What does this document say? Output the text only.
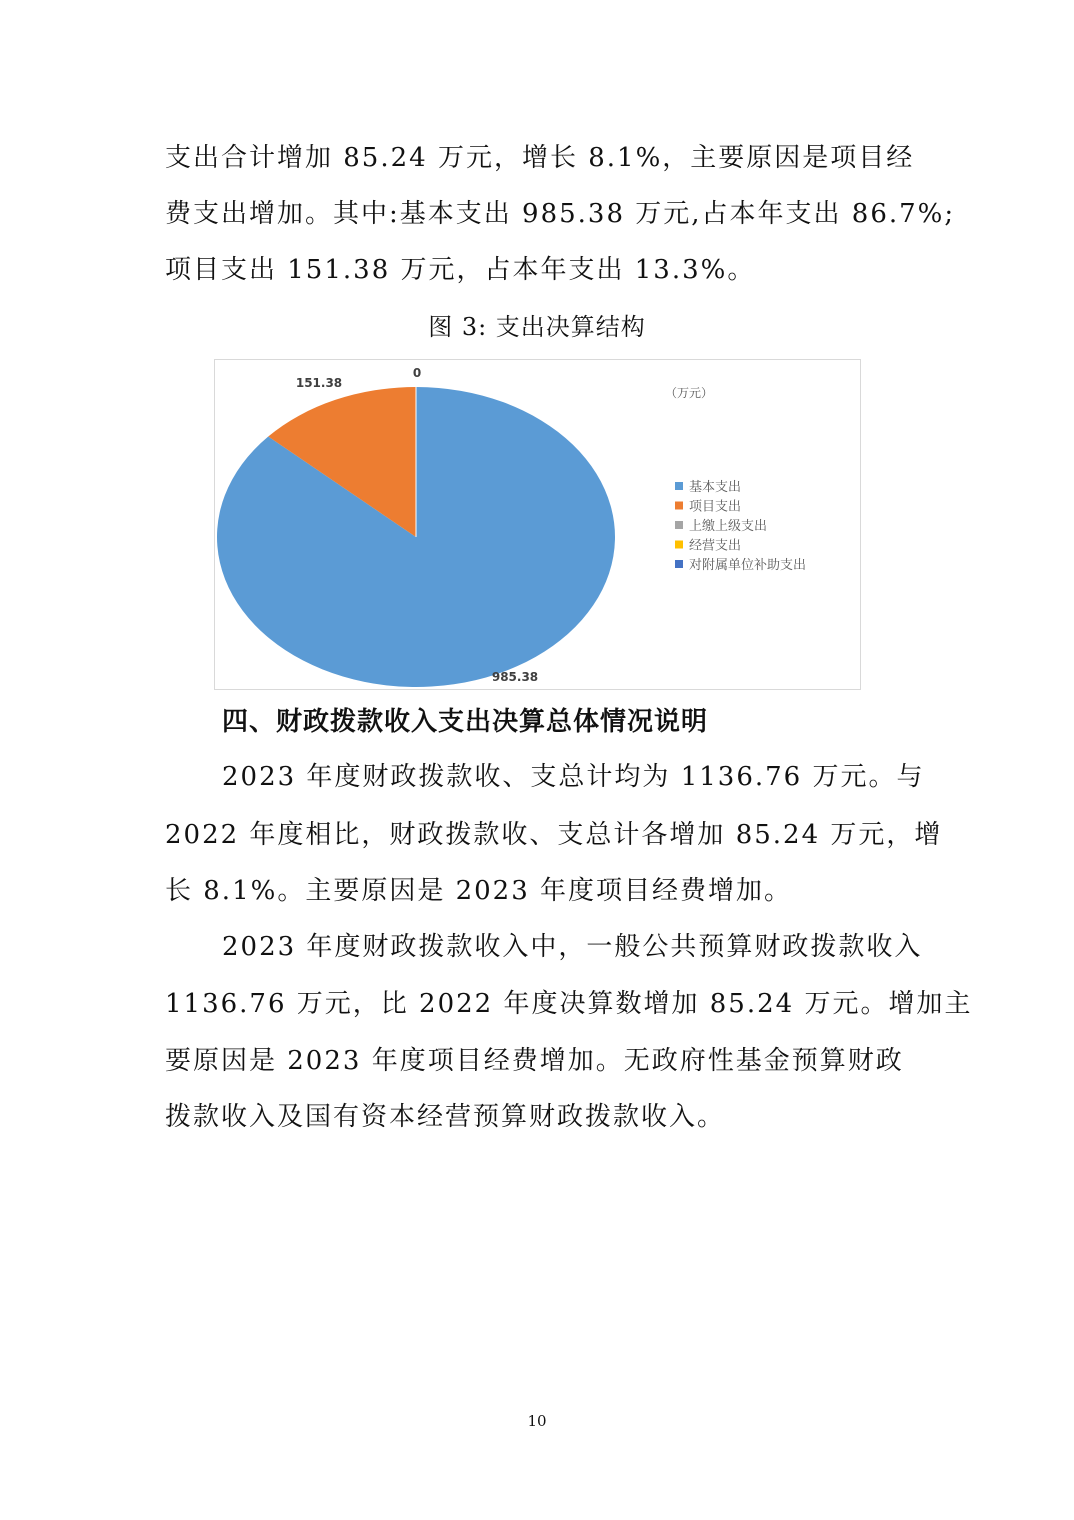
支出合计增加 85.24 万元，增长 8.1%，主要原因是项目经
费支出增加。其中:基本支出 985.38 万元,占本年支出 86.7%;
项目支出 151.38 万元，占本年支出 13.3%。
图 3: 支出决算结构
985.38
151.38
0
（万元）
基本支出
项目支出
上缴上级支出
经营支出
对附属单位补助支出
四、财政拨款收入支出决算总体情况说明
2023 年度财政拨款收、支总计均为 1136.76 万元。与
2022 年度相比，财政拨款收、支总计各增加 85.24 万元，增
长 8.1%。主要原因是 2023 年度项目经费增加。
2023 年度财政拨款收入中，一般公共预算财政拨款收入
1136.76 万元，比 2022 年度决算数增加 85.24 万元。增加主
要原因是 2023 年度项目经费增加。无政府性基金预算财政
拨款收入及国有资本经营预算财政拨款收入。
10
